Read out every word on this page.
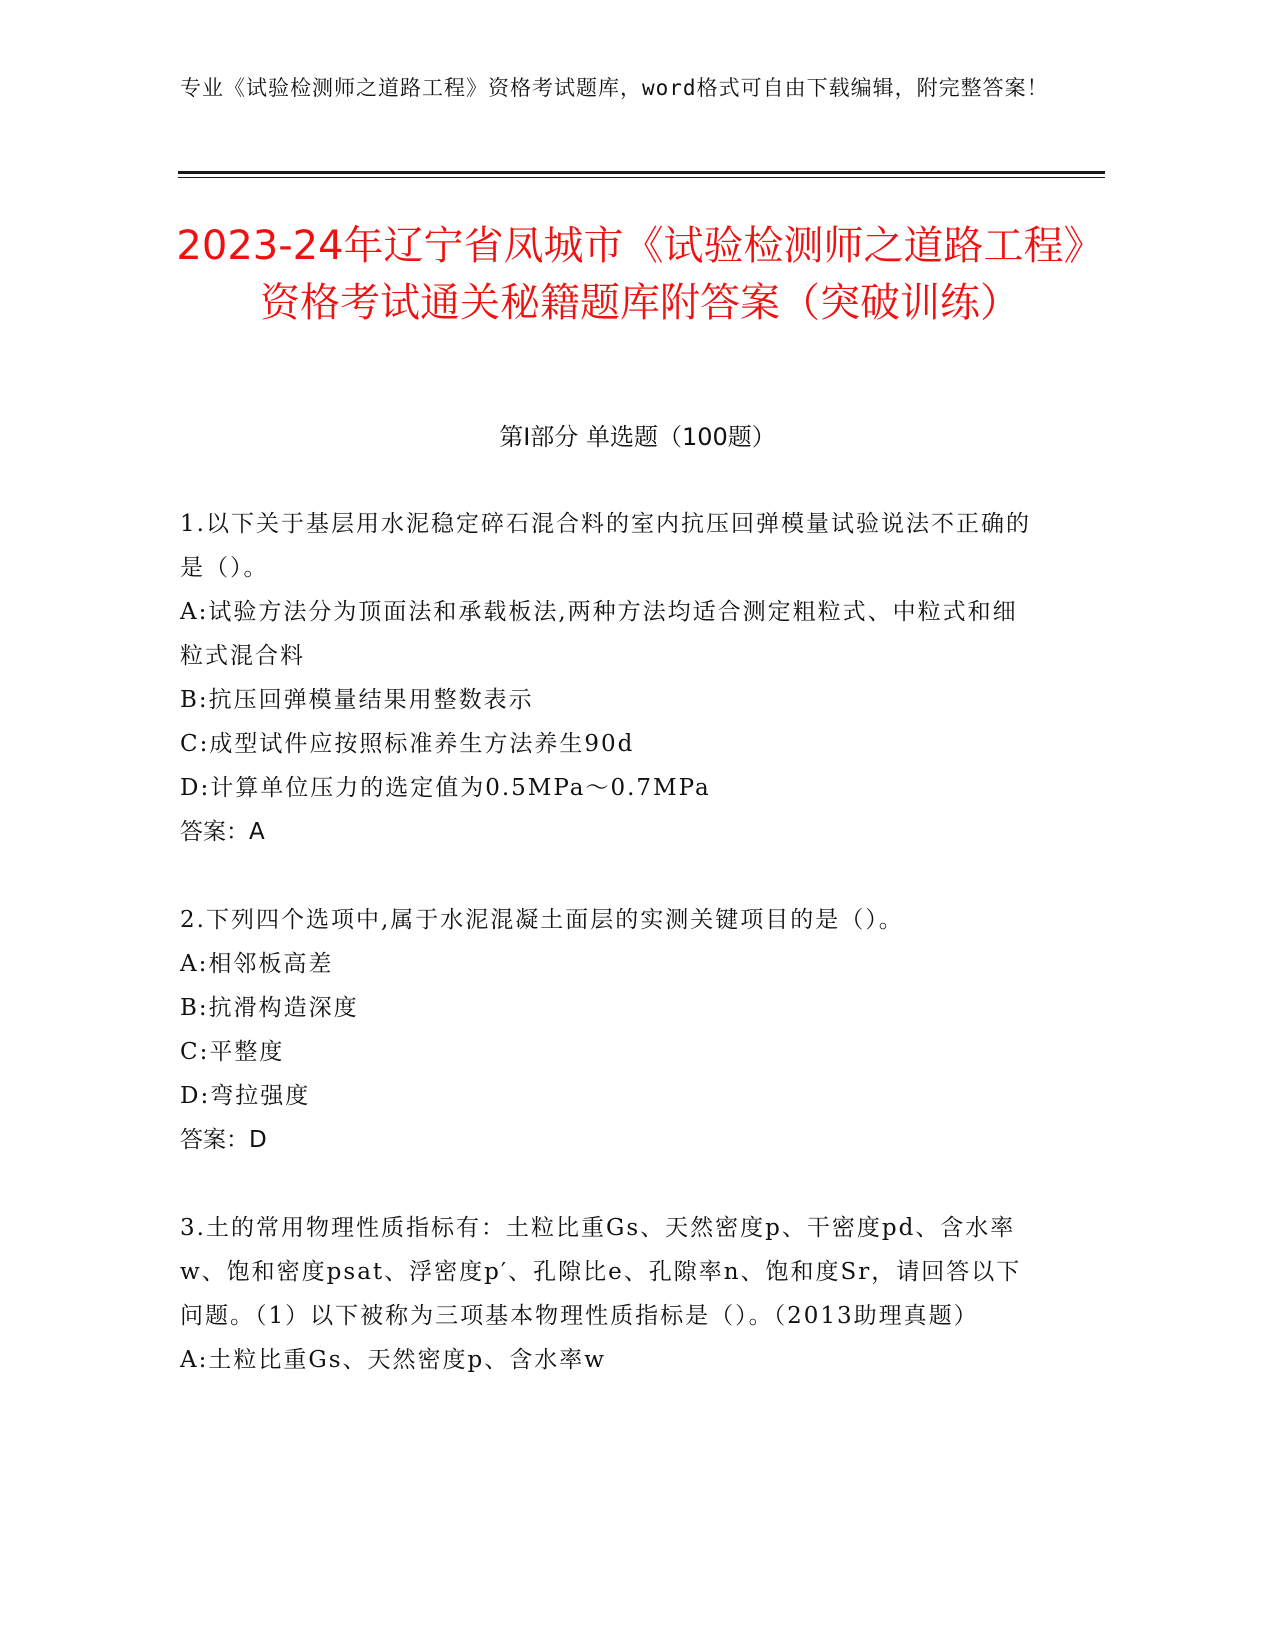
专业《试验检测师之道路工程》资格考试题库，word格式可自由下载编辑，附完整答案！
2023-24年辽宁省凤城市《试验检测师之道路工程》资格考试通关秘籍题库附答案（突破训练）
第Ⅰ部分 单选题（100题）
1.以下关于基层用水泥稳定碎石混合料的室内抗压回弹模量试验说法不正确的是（）。
A:试验方法分为顶面法和承载板法,两种方法均适合测定粗粒式、中粒式和细粒式混合料
B:抗压回弹模量结果用整数表示
C:成型试件应按照标准养生方法养生90d
D:计算单位压力的选定值为0.5MPa～0.7MPa
答案：A
2.下列四个选项中,属于水泥混凝土面层的实测关键项目的是（）。
A:相邻板高差
B:抗滑构造深度
C:平整度
D:弯拉强度
答案：D
3.土的常用物理性质指标有：土粒比重Gs、天然密度p、干密度pd、含水率w、饱和密度psat、浮密度p′、孔隙比e、孔隙率n、饱和度Sr，请回答以下问题。（1）以下被称为三项基本物理性质指标是（）。（2013助理真题）
A:土粒比重Gs、天然密度p、含水率w
